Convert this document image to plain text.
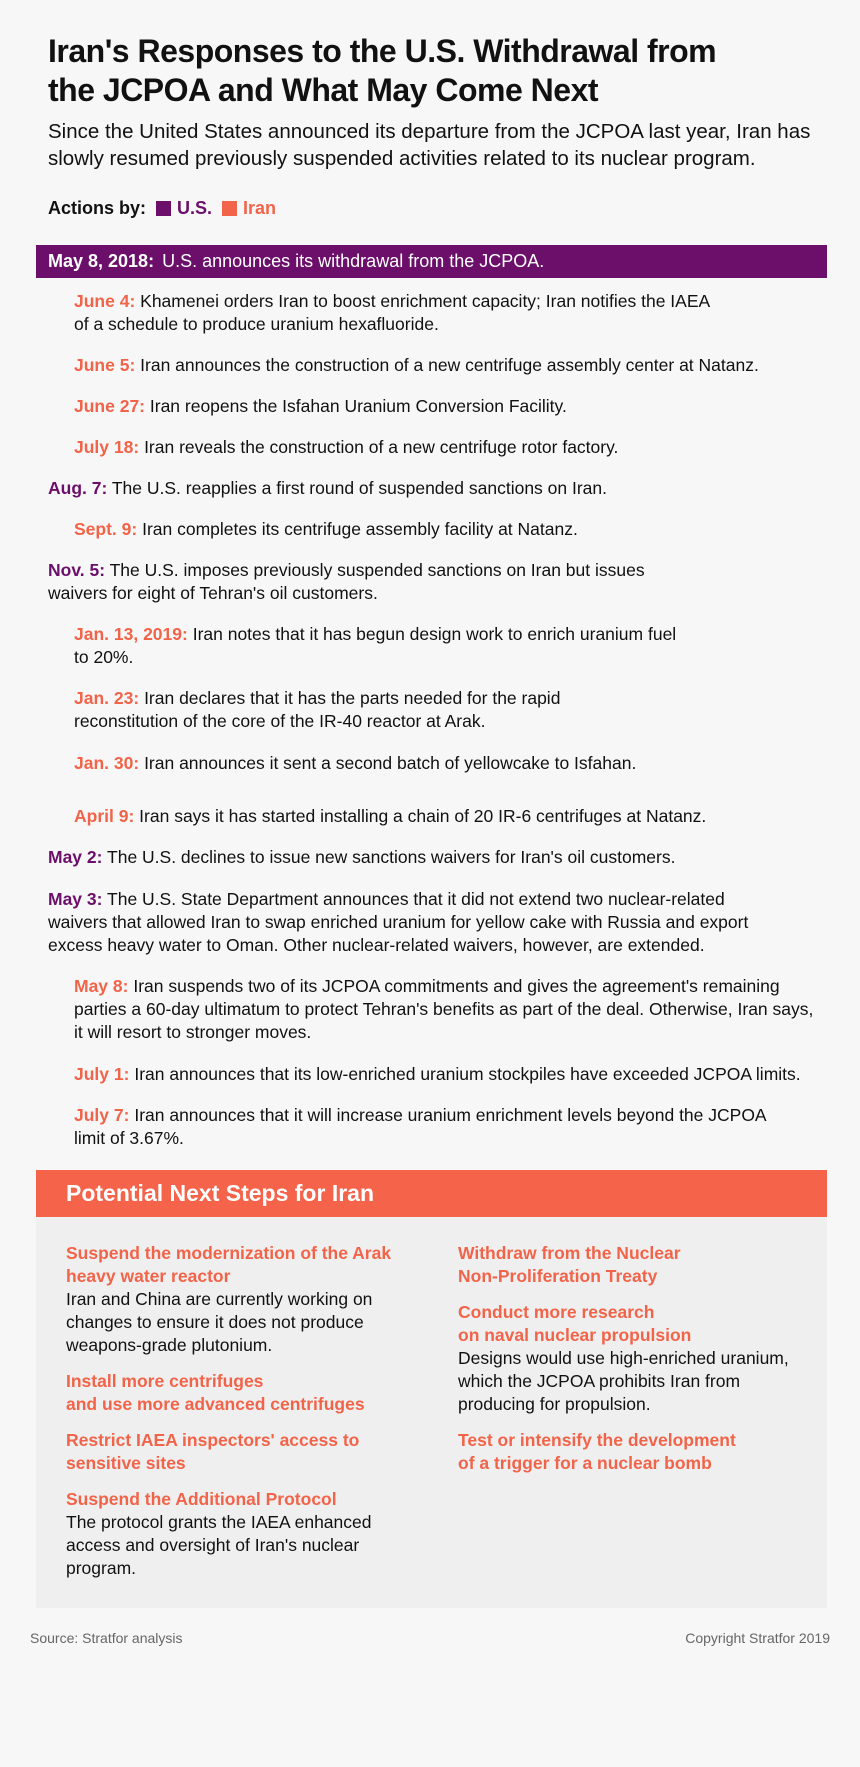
Iran's Responses to the U.S. Withdrawal from the JCPOA and What May Come Next

Since the United States announced its departure from the JCPOA last year, Iran has slowly resumed previously suspended activities related to its nuclear program.

Actions by: U.S. Iran
May 8, 2018: U.S. announces its withdrawal from the JCPOA.

June 4: Khamenei orders Iran to boost enrichment capacity; Iran notifies the IAEA of a schedule to produce uranium hexafluoride.

June 5: Iran announces the construction of a new centrifuge assembly center at Natanz.

June 27: Iran reopens the Isfahan Uranium Conversion Facility.

July 18: Iran reveals the construction of a new centrifuge rotor factory.

Aug. 7: The U.S. reapplies a first round of suspended sanctions on Iran.

Sept. 9: Iran completes its centrifuge assembly facility at Natanz.

Nov. 5: The U.S. imposes previously suspended sanctions on Iran but issues waivers for eight of Tehran's oil customers.

Jan. 13, 2019: Iran notes that it has begun design work to enrich uranium fuel to 20%.

Jan. 23: Iran declares that it has the parts needed for the rapid reconstitution of the core of the IR-40 reactor at Arak.

Jan. 30: Iran announces it sent a second batch of yellowcake to Isfahan.

April 9: Iran says it has started installing a chain of 20 IR-6 centrifuges at Natanz.

May 2: The U.S. declines to issue new sanctions waivers for Iran's oil customers.

May 3: The U.S. State Department announces that it did not extend two nuclear-related waivers that allowed Iran to swap enriched uranium for yellow cake with Russia and export excess heavy water to Oman. Other nuclear-related waivers, however, are extended.

May 8: Iran suspends two of its JCPOA commitments and gives the agreement's remaining parties a 60-day ultimatum to protect Tehran's benefits as part of the deal. Otherwise, Iran says, it will resort to stronger moves.

July 1: Iran announces that its low-enriched uranium stockpiles have exceeded JCPOA limits.

July 7: Iran announces that it will increase uranium enrichment levels beyond the JCPOA limit of 3.67%.

Potential Next Steps for Iran

Suspend the modernization of the Arak
heavy water reactor
Iran and China are currently working on
changes to ensure it does not produce
weapons-grade plutonium.

Install more centrifuges
and use more advanced centrifuges

Restrict IAEA inspectors' access to
sensitive sites

Suspend the Additional Protocol
The protocol grants the IAEA enhanced
access and oversight of Iran's nuclear
program.

Withdraw from the Nuclear
Non-Proliferation Treaty

Conduct more research
on naval nuclear propulsion
Designs would use high-enriched uranium,
which the JCPOA prohibits Iran from
producing for propulsion.

Test or intensify the development
of a trigger for a nuclear bomb

Source: Stratfor analysis	Copyright Stratfor 2019
